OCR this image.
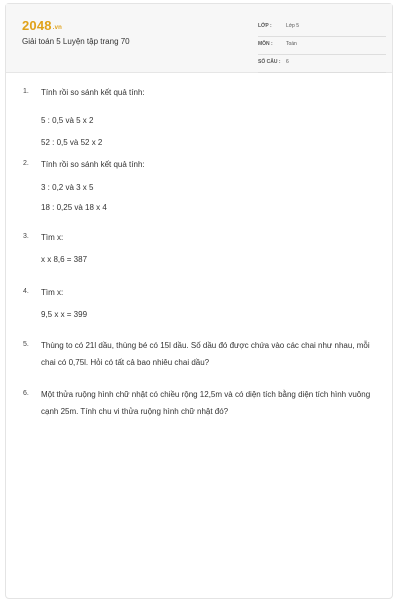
2048.vn
Giải toán 5 Luyện tập trang 70
LỚP :	Lớp 5
MÔN :	Toán
SỐ CÂU : 6
1. Tính rồi so sánh kết quả tính:
5 : 0,5 và 5 x 2
52 : 0,5 và 52 x 2
2. Tính rồi so sánh kết quả tính:
3 : 0,2 và 3 x 5
18 : 0,25 và 18 x 4
3. Tìm x:
x x 8,6 = 387
4. Tìm x:
9,5 x x = 399
5. Thùng to có 21l dầu, thùng bé có 15l dầu. Số dầu đó được chứa vào các chai như nhau, mỗi chai có 0,75l. Hỏi có tất cả bao nhiêu chai dầu?
6. Một thửa ruộng hình chữ nhật có chiều rộng 12,5m và có diện tích bằng diện tích hình vuông cạnh 25m. Tính chu vi thửa ruộng hình chữ nhật đó?
